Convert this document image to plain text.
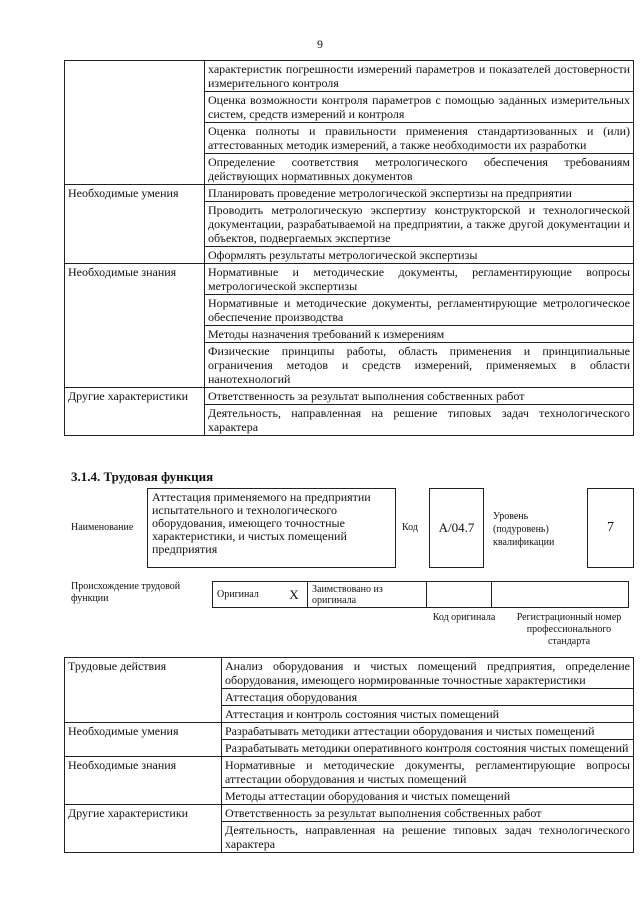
9
	характеристик погрешности измерений параметров и показателей достоверности измерительного контроля
	Оценка возможности контроля параметров с помощью заданных измерительных систем, средств измерений и контроля
	Оценка полноты и правильности применения стандартизованных и (или) аттестованных методик измерений, а также необходимости их разработки
	Определение соответствия метрологического обеспечения требованиям действующих нормативных документов
Необходимые умения	Планировать проведение метрологической экспертизы на предприятии
	Проводить метрологическую экспертизу конструкторской и технологической документации, разрабатываемой на предприятии, а также другой документации и объектов, подвергаемых экспертизе
	Оформлять результаты метрологической экспертизы
Необходимые знания	Нормативные и методические документы, регламентирующие вопросы метрологической экспертизы
	Нормативные и методические документы, регламентирующие метрологическое обеспечение производства
	Методы назначения требований к измерениям
	Физические принципы работы, область применения и принципиальные ограничения методов и средств измерений, применяемых в области нанотехнологий
Другие характеристики	Ответственность за результат выполнения собственных работ
	Деятельность, направленная на решение типовых задач технологического характера
3.1.4. Трудовая функция
Наименование
Аттестация применяемого на предприятии испытательного и технологического оборудования, имеющего точностные характеристики, и чистых помещений предприятия
Код	A/04.7
Уровень (подуровень) квалификации
7
Происхождение трудовой функции	Оригинал	X	Заимствовано из оригинала		
Код оригинала	Регистрационный номер профессионального стандарта
Трудовые действия	Анализ оборудования и чистых помещений предприятия, определение оборудования, имеющего нормированные точностные характеристики
	Аттестация оборудования
	Аттестация и контроль состояния чистых помещений
Необходимые умения	Разрабатывать методики аттестации оборудования и чистых помещений
	Разрабатывать методики оперативного контроля состояния чистых помещений
Необходимые знания	Нормативные и методические документы, регламентирующие вопросы аттестации оборудования и чистых помещений
	Методы аттестации оборудования и чистых помещений
Другие характеристики	Ответственность за результат выполнения собственных работ
	Деятельность, направленная на решение типовых задач технологического характера
